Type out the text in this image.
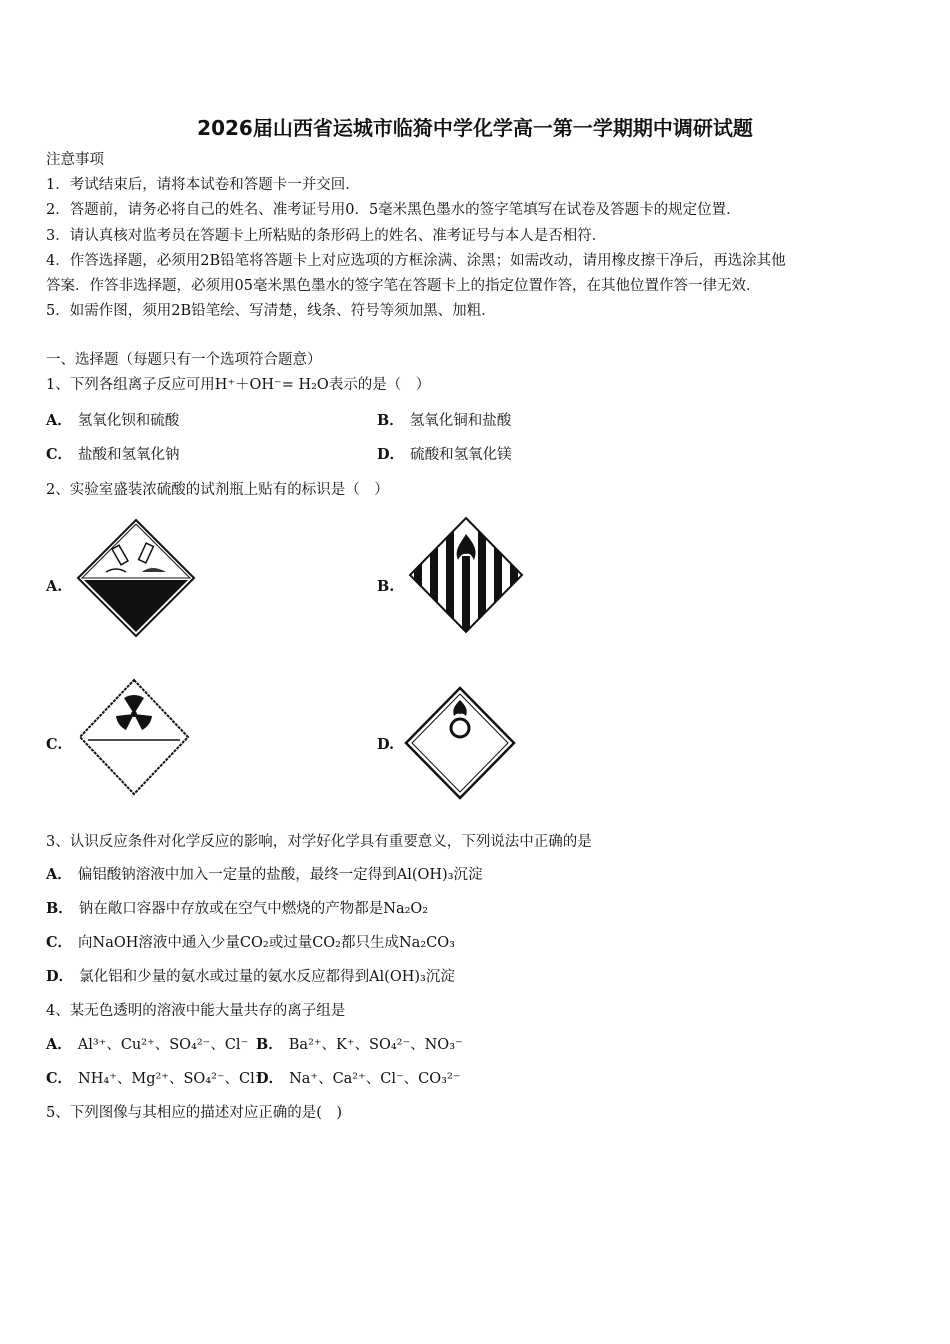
2026届山西省运城市临猗中学化学高一第一学期期中调研试题
注意事项
1．考试结束后，请将本试卷和答题卡一并交回．
2．答题前，请务必将自己的姓名、准考证号用0．5毫米黑色墨水的签字笔填写在试卷及答题卡的规定位置．
3．请认真核对监考员在答题卡上所粘贴的条形码上的姓名、准考证号与本人是否相符．
4．作答选择题，必须用2B铅笔将答题卡上对应选项的方框涂满、涂黑；如需改动，请用橡皮擦干净后，再选涂其他
答案．作答非选择题，必须用05毫米黑色墨水的签字笔在答题卡上的指定位置作答，在其他位置作答一律无效．
5．如需作图，须用2B铅笔绘、写清楚，线条、符号等须加黑、加粗．
一、选择题（每题只有一个选项符合题意）
1、下列各组离子反应可用H⁺＋OH⁻= H₂O表示的是（　）
A． 氢氧化钡和硫酸	B． 氢氧化铜和盐酸
C． 盐酸和氢氧化钠	D． 硫酸和氢氧化镁
2、实验室盛装浓硫酸的试剂瓶上贴有的标识是（　）
A.	B.
C.	D.
3、认识反应条件对化学反应的影响，对学好化学具有重要意义，下列说法中正确的是
A． 偏铝酸钠溶液中加入一定量的盐酸，最终一定得到Al(OH)₃沉淀
B． 钠在敞口容器中存放或在空气中燃烧的产物都是Na₂O₂
C． 向NaOH溶液中通入少量CO₂或过量CO₂都只生成Na₂CO₃
D． 氯化铝和少量的氨水或过量的氨水反应都得到Al(OH)₃沉淀
4、某无色透明的溶液中能大量共存的离子组是
A． Al³⁺、Cu²⁺、SO₄²⁻、Cl⁻ B． Ba²⁺、K⁺、SO₄²⁻、NO₃⁻
C． NH₄⁺、Mg²⁺、SO₄²⁻、Cl⁻
D． Na⁺、Ca²⁺、Cl⁻、CO₃²⁻
5、下列图像与其相应的描述对应正确的是(　)
